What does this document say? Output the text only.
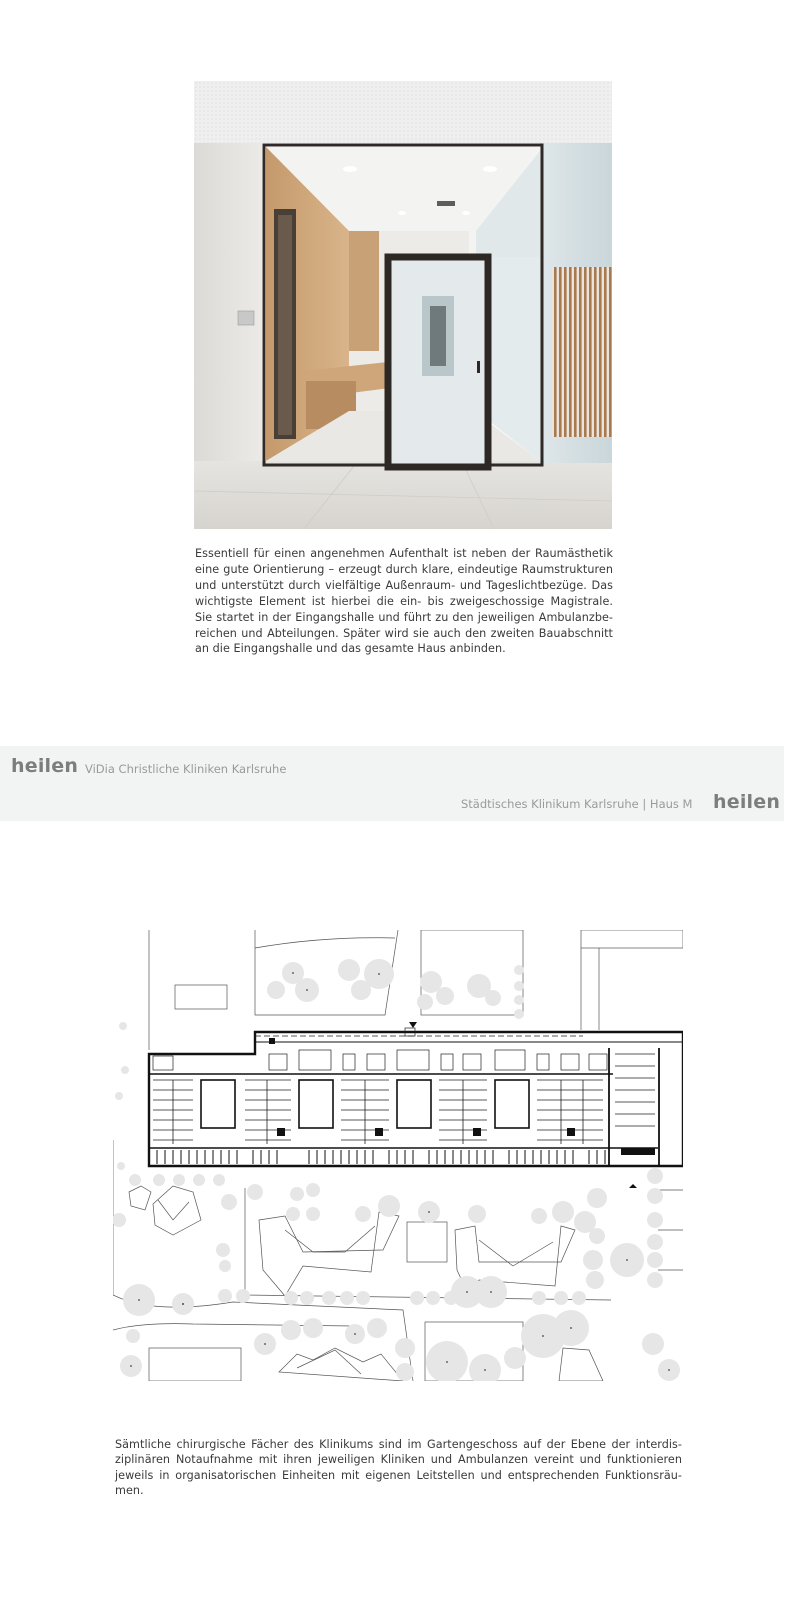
Essentiell für einen angenehmen Aufenthalt ist neben der Raumästhetik eine gute Orientierung – erzeugt durch klare, eindeutige Raumstrukturen und unterstützt durch vielfältige Außenraum- und Tageslichtbezüge. Das wichtigste Element ist hierbei die ein- bis zweigeschossige Magistrale. Sie startet in der Eingangshalle und führt zu den jeweiligen Ambulanzbe-reichen und Abteilungen. Später wird sie auch den zweiten Bauabschnitt an die Eingangshalle und das gesamte Haus anbinden.

heilen ViDia Christliche Kliniken Karlsruhe
Städtisches Klinikum Karlsruhe | Haus M heilen

Sämtliche chirurgische Fächer des Klinikums sind im Gartengeschoss auf der Ebene der interdis-ziplinären Notaufnahme mit ihren jeweiligen Kliniken und Ambulanzen vereint und funktionieren jeweils in organisatorischen Einheiten mit eigenen Leitstellen und entsprechenden Funktionsräu-men.
